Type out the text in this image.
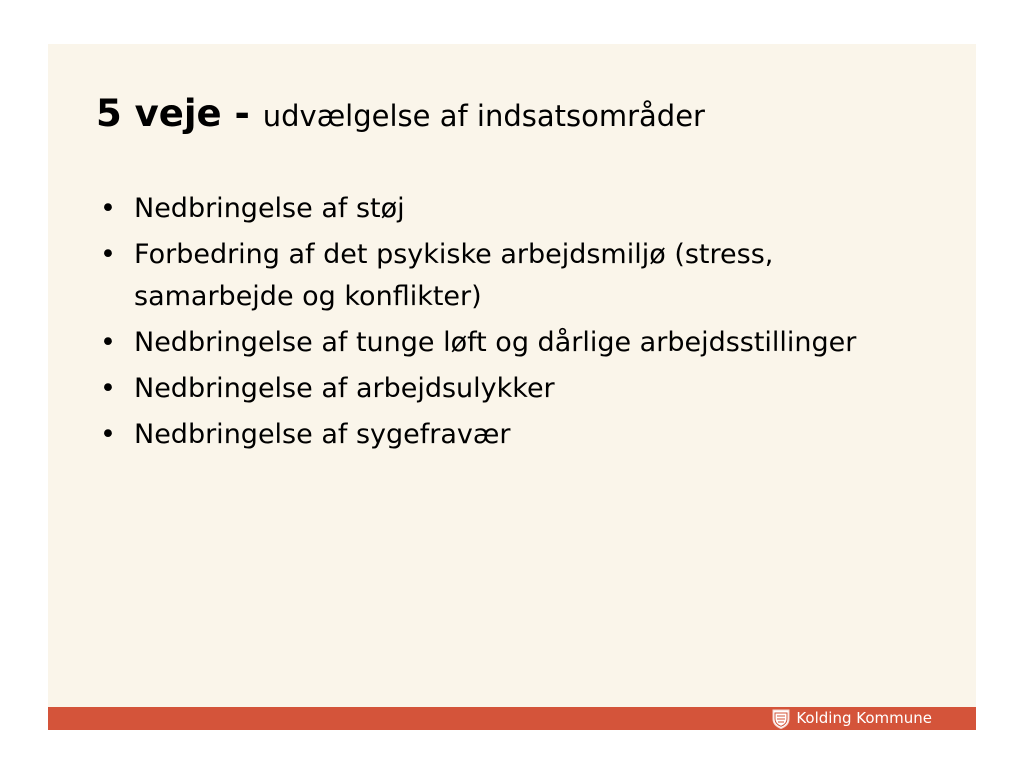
5 veje - udvælgelse af indsatsområder
• Nedbringelse af støj
• Forbedring af det psykiske arbejdsmiljø (stress, samarbejde og konflikter)
• Nedbringelse af tunge løft og dårlige arbejdsstillinger
• Nedbringelse af arbejdsulykker
• Nedbringelse af sygefravær
Kolding Kommune
